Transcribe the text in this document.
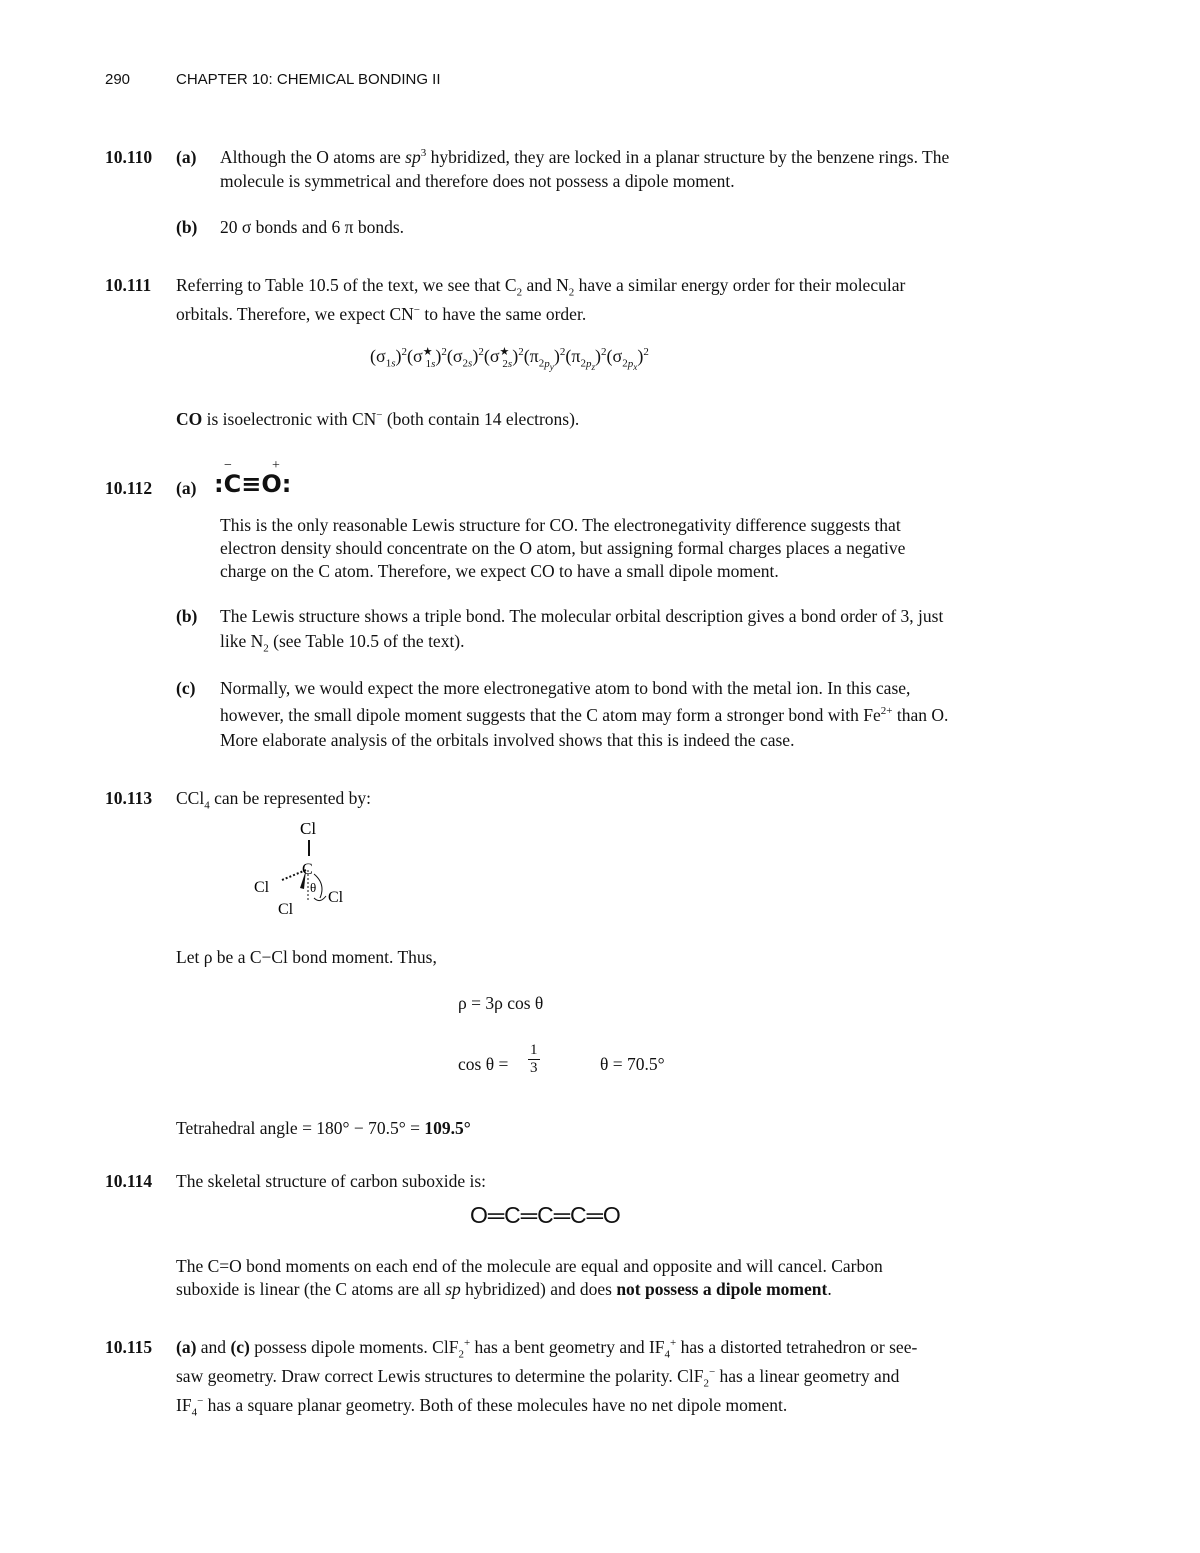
290	CHAPTER 10: CHEMICAL BONDING II
10.110 (a) Although the O atoms are $sp^3$ hybridized, they are locked in a planar structure by the benzene rings. The
molecule is symmetrical and therefore does not possess a dipole moment.
(b) 20 σ bonds and 6 π bonds.
10.111 Referring to Table 10.5 of the text, we see that $C_2$ and $N_2$ have a similar energy order for their molecular
orbitals. Therefore, we expect CN− to have the same order.
$(\sigma_{1s})^2(\sigma^★_{1s})^2(\sigma_{2s})^2(\sigma^★_{2s})^2(\pi_{2p_y})^2(\pi_{2p_z})^2(\sigma_{2p_x})^2$
CO is isoelectronic with CN− (both contain 14 electrons).
10.112 (a) :C≡O:
−	+
This is the only reasonable Lewis structure for CO. The electronegativity difference suggests that
electron density should concentrate on the O atom, but assigning formal charges places a negative
charge on the C atom. Therefore, we expect CO to have a small dipole moment.
(b) The Lewis structure shows a triple bond. The molecular orbital description gives a bond order of 3, just
like $N_2$ (see Table 10.5 of the text).
(c) Normally, we would expect the more electronegative atom to bond with the metal ion. In this case,
however, the small dipole moment suggests that the C atom may form a stronger bond with $Fe^{2+}$ than O.
More elaborate analysis of the orbitals involved shows that this is indeed the case.
10.113 CCl$_4$ can be represented by:
Cl
C
Cl
Cl
Cl
θ
Let ρ be a C−Cl bond moment. Thus,
ρ = 3ρ cos θ
$\cos \theta = \frac{1}{3}$	θ = 70.5°
Tetrahedral angle = 180° − 70.5° = 109.5°
10.114 The skeletal structure of carbon suboxide is:
O═C═C═C═O
The C=O bond moments on each end of the molecule are equal and opposite and will cancel. Carbon
suboxide is linear (the C atoms are all sp hybridized) and does not possess a dipole moment.
10.115 (a) and (c) possess dipole moments. ClF$_2$+ has a bent geometry and $IF_4^+$ has a distorted tetrahedron or see-
saw geometry. Draw correct Lewis structures to determine the polarity. ClF$_2$− has a linear geometry and
$IF_4^-$ has a square planar geometry. Both of these molecules have no net dipole moment.
